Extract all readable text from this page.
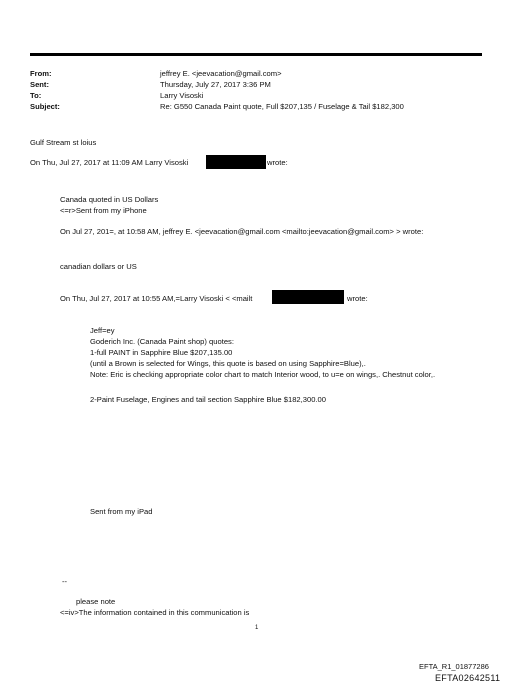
From:
Sent:
To:
Subject:
jeffrey E. <jeevacation@gmail.com>
Thursday, July 27, 2017 3:36 PM
Larry Visoski
Re: G550 Canada Paint quote, Full $207,135 / Fuselage & Tail $182,300
Gulf Stream st loius
On Thu, Jul 27, 2017 at 11:09 AM Larry Visoski	wrote:
Canada quoted in US Dollars
<=r>Sent from my iPhone
On Jul 27, 201=, at 10:58 AM, jeffrey E. <jeevacation@gmail.com <mailto:jeevacation@gmail.com> > wrote:
canadian dollars or US
On Thu, Jul 27, 2017 at 10:55 AM,=Larry Visoski < <mailt	wrote:
Jeff=ey
Goderich Inc. (Canada Paint shop) quotes:
1-full PAINT in Sapphire Blue $207,135.00
(until a Brown is selected for Wings, this quote is based on using Sapphire=Blue),.
Note: Eric is checking appropriate color chart to match Interior wood, to u=e on wings,. Chestnut color,.
2-Paint Fuselage, Engines and tail section Sapphire Blue $182,300.00
Sent from my iPad
--
please note
<=iv>The information contained in this communication is
1
EFTA_R1_01877286
EFTA02642511
